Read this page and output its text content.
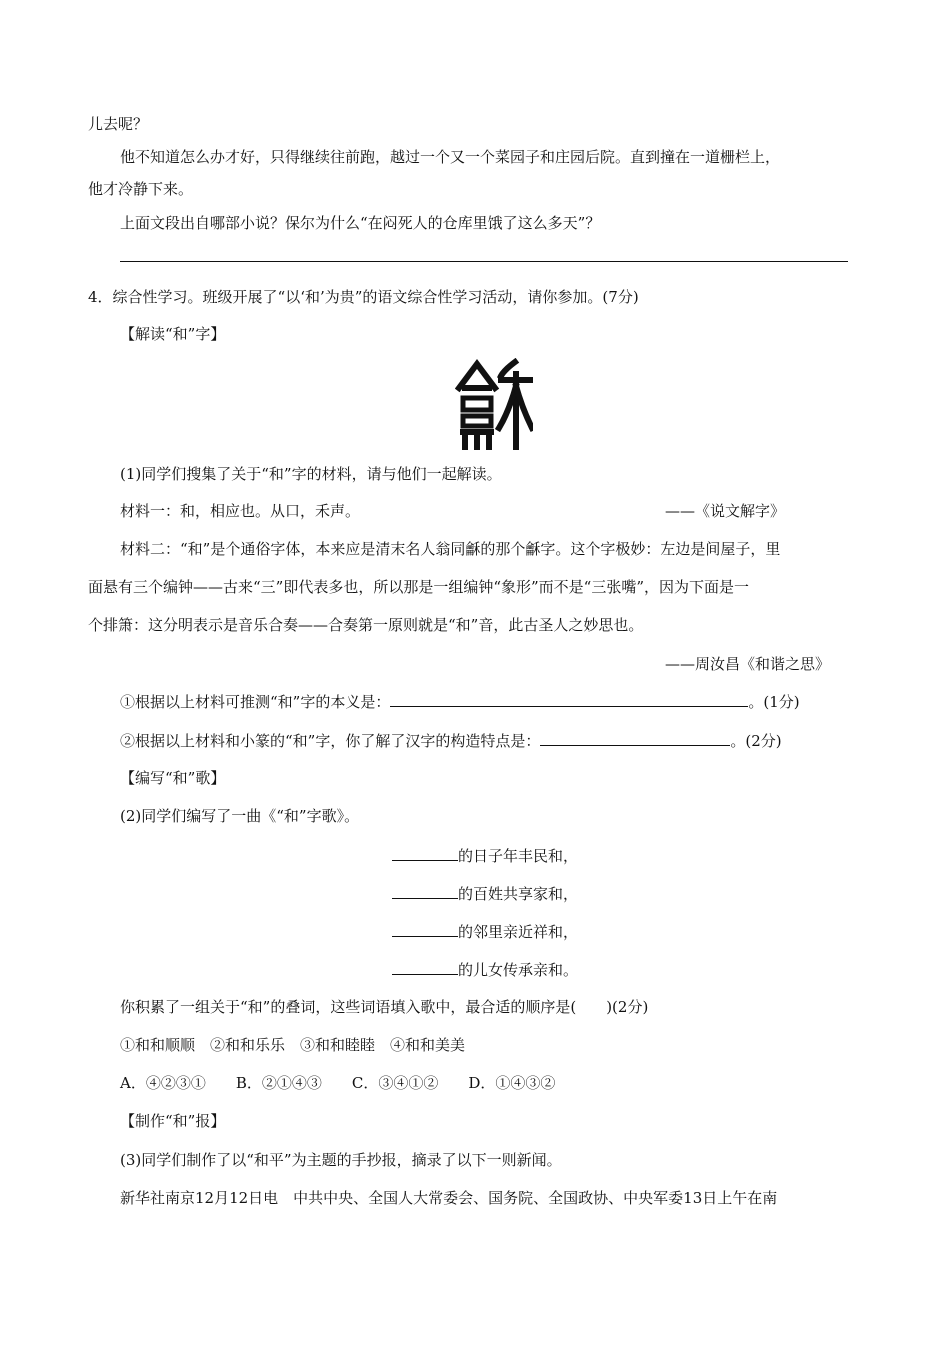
儿去呢？
他不知道怎么办才好，只得继续往前跑，越过一个又一个菜园子和庄园后院。直到撞在一道栅栏上，
他才冷静下来。
上面文段出自哪部小说？保尔为什么“在闷死人的仓库里饿了这么多天”？
4．综合性学习。班级开展了“以‘和’为贵”的语文综合性学习活动，请你参加。(7分)
【解读“和”字】
(1)同学们搜集了关于“和”字的材料，请与他们一起解读。
材料一：和，相应也。从口，禾声。	——《说文解字》
材料二：“和”是个通俗字体，本来应是清末名人翁同龢的那个龢字。这个字极妙：左边是间屋子，里
面悬有三个编钟——古来“三”即代表多也，所以那是一组编钟“象形”而不是“三张嘴”，因为下面是一
个排箫：这分明表示是音乐合奏——合奏第一原则就是“和”音，此古圣人之妙思也。
——周汝昌《和谐之思》
①根据以上材料可推测“和”字的本义是：	。(1分)
②根据以上材料和小篆的“和”字，你了解了汉字的构造特点是：	。(2分)
【编写“和”歌】
(2)同学们编写了一曲《“和”字歌》。
的日子年丰民和，
的百姓共享家和，
的邻里亲近祥和，
的儿女传承亲和。
你积累了一组关于“和”的叠词，这些词语填入歌中，最合适的顺序是(　　)(2分)
①和和顺顺　②和和乐乐　③和和睦睦　④和和美美
A．④②③①　　B．②①④③　　C．③④①②　　D．①④③②
【制作“和”报】
(3)同学们制作了以“和平”为主题的手抄报，摘录了以下一则新闻。
新华社南京12月12日电　中共中央、全国人大常委会、国务院、全国政协、中央军委13日上午在南
